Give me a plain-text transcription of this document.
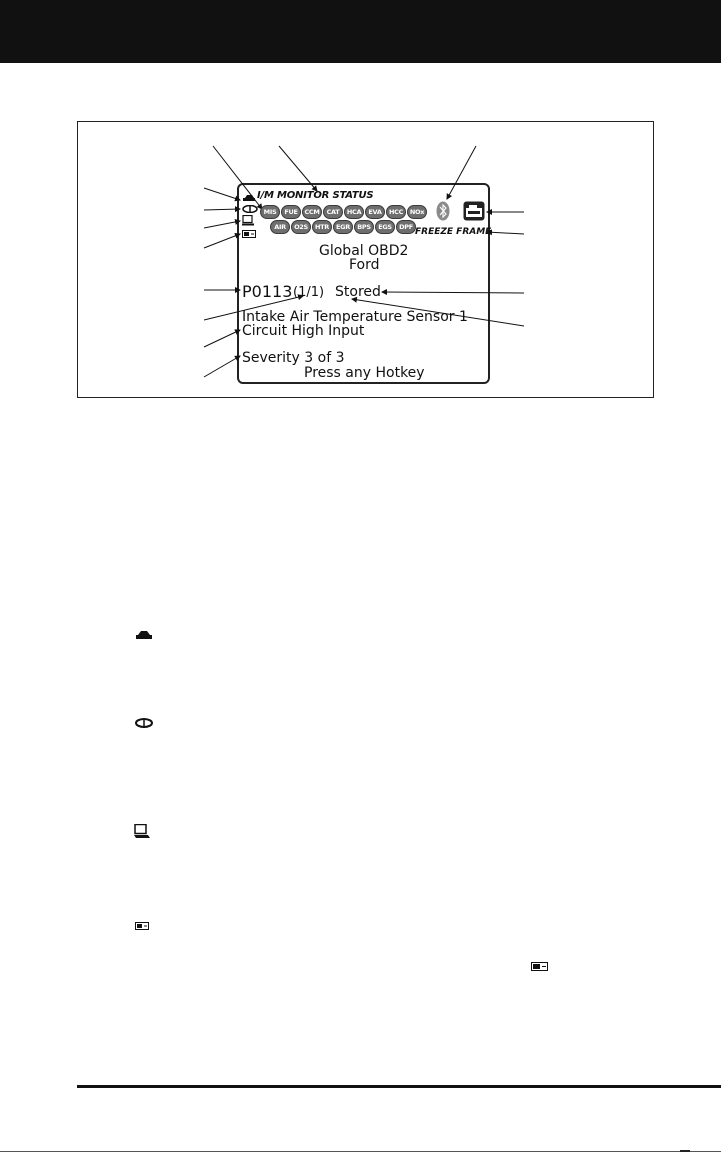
I/M MONITOR STATUS
MIS	FUE	CCM	CAT	HCA	EVA	HCC	NOx
AIR	O2S	HTR	EGR	BPS	EGS	DPF FREEZE FRAME
Global OBD2
Ford
P0113 (1/1) Stored
Intake Air Temperature Sensor 1
Circuit High Input
Severity 3 of 3
Press any Hotkey
